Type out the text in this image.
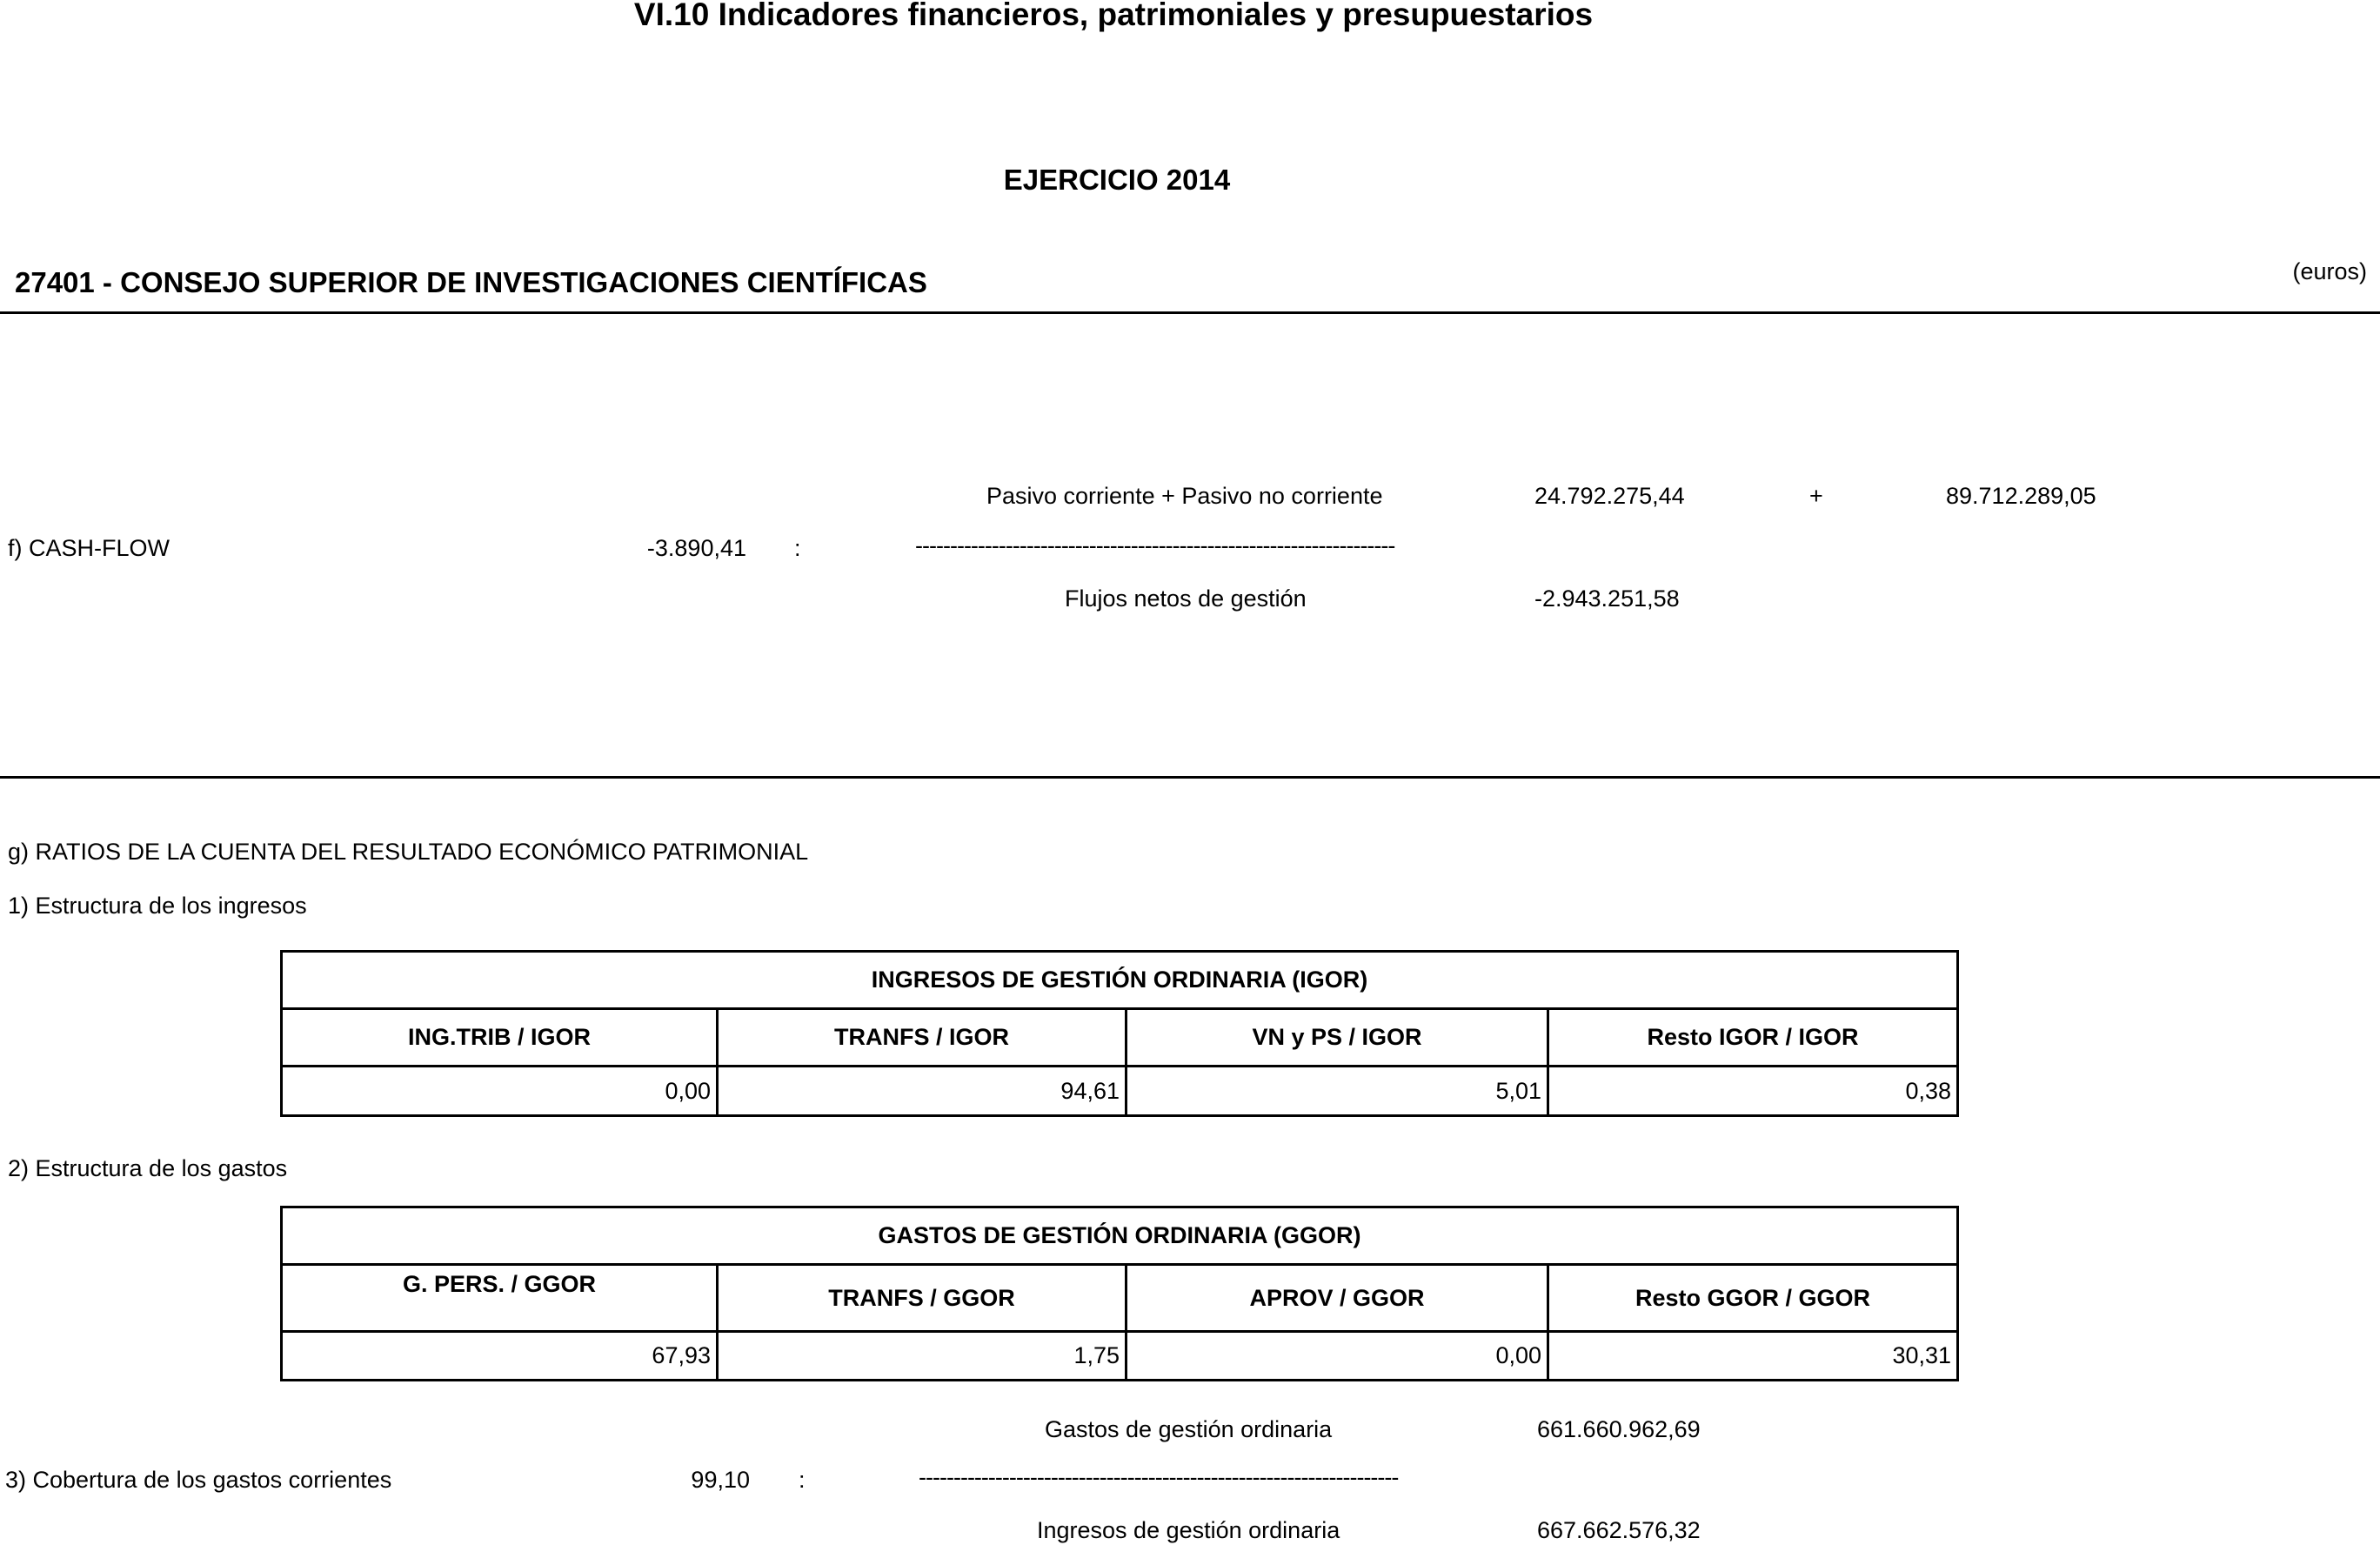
VI.10 Indicadores financieros, patrimoniales y presupuestarios
EJERCICIO 2014
27401 - CONSEJO SUPERIOR DE INVESTIGACIONES CIENTÍFICAS	(euros)
Pasivo corriente + Pasivo no corriente	24.792.275,44	+	89.712.289,05
f) CASH-FLOW	-3.890,41 :	---------------------------------------------------------------------
Flujos netos de gestión	-2.943.251,58
g) RATIOS DE LA CUENTA DEL RESULTADO ECONÓMICO PATRIMONIAL
1) Estructura de los ingresos
INGRESOS DE GESTIÓN ORDINARIA (IGOR)			
ING.TRIB / IGOR	TRANFS / IGOR	VN y PS / IGOR	Resto IGOR / IGOR
0,00	94,61	5,01	0,38
2) Estructura de los gastos
GASTOS DE GESTIÓN ORDINARIA (GGOR)			
G. PERS. / GGOR	TRANFS / GGOR	APROV / GGOR	Resto GGOR / GGOR
67,93	1,75	0,00	30,31
Gastos de gestión ordinaria	661.660.962,69
3) Cobertura de los gastos corrientes	99,10 :	---------------------------------------------------------------------
Ingresos de gestión ordinaria	667.662.576,32
